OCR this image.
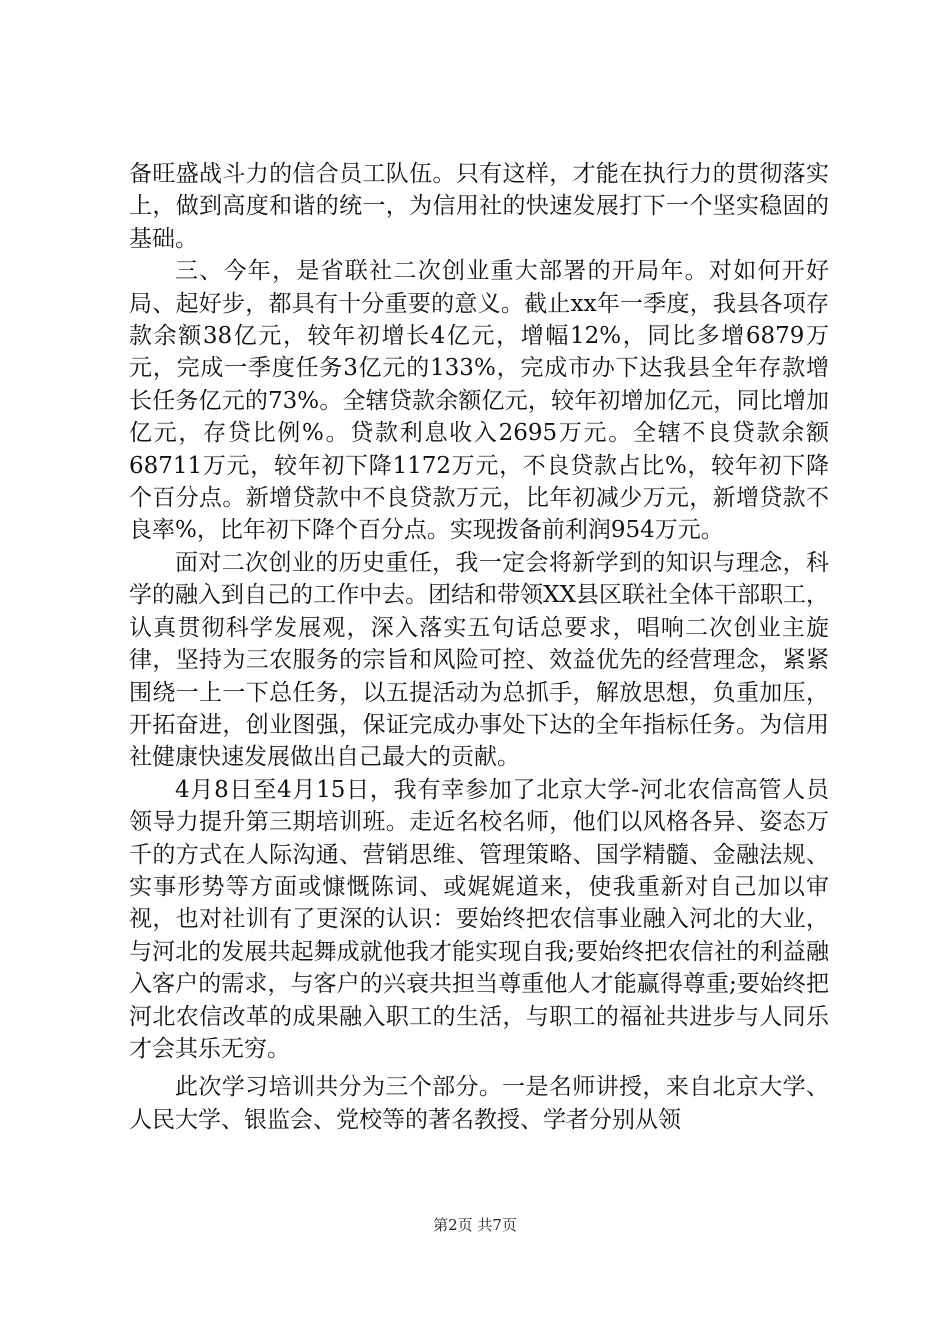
备旺盛战斗力的信合员工队伍。只有这样，才能在执行力的贯彻落实上，做到高度和谐的统一，为信用社的快速发展打下一个坚实稳固的基础。

三、今年，是省联社二次创业重大部署的开局年。对如何开好局、起好步，都具有十分重要的意义。截止xx年一季度，我县各项存款余额38亿元，较年初增长4亿元，增幅12%，同比多增6879万元，完成一季度任务3亿元的133%，完成市办下达我县全年存款增长任务亿元的73%。全辖贷款余额亿元，较年初增加亿元，同比增加亿元，存贷比例%。贷款利息收入2695万元。全辖不良贷款余额68711万元，较年初下降1172万元，不良贷款占比%，较年初下降个百分点。新增贷款中不良贷款万元，比年初减少万元，新增贷款不良率%，比年初下降个百分点。实现拨备前利润954万元。

面对二次创业的历史重任，我一定会将新学到的知识与理念，科学的融入到自己的工作中去。团结和带领XX县区联社全体干部职工，认真贯彻科学发展观，深入落实五句话总要求，唱响二次创业主旋律，坚持为三农服务的宗旨和风险可控、效益优先的经营理念，紧紧围绕一上一下总任务，以五提活动为总抓手，解放思想，负重加压，开拓奋进，创业图强，保证完成办事处下达的全年指标任务。为信用社健康快速发展做出自己最大的贡献。

4月8日至4月15日，我有幸参加了北京大学-河北农信高管人员领导力提升第三期培训班。走近名校名师，他们以风格各异、姿态万千的方式在人际沟通、营销思维、管理策略、国学精髓、金融法规、实事形势等方面或慷慨陈词、或娓娓道来，使我重新对自己加以审视，也对社训有了更深的认识：要始终把农信事业融入河北的大业，与河北的发展共起舞成就他我才能实现自我;要始终把农信社的利益融入客户的需求，与客户的兴衰共担当尊重他人才能赢得尊重;要始终把河北农信改革的成果融入职工的生活，与职工的福祉共进步与人同乐才会其乐无穷。

此次学习培训共分为三个部分。一是名师讲授，来自北京大学、人民大学、银监会、党校等的著名教授、学者分别从领

第2页 共7页
